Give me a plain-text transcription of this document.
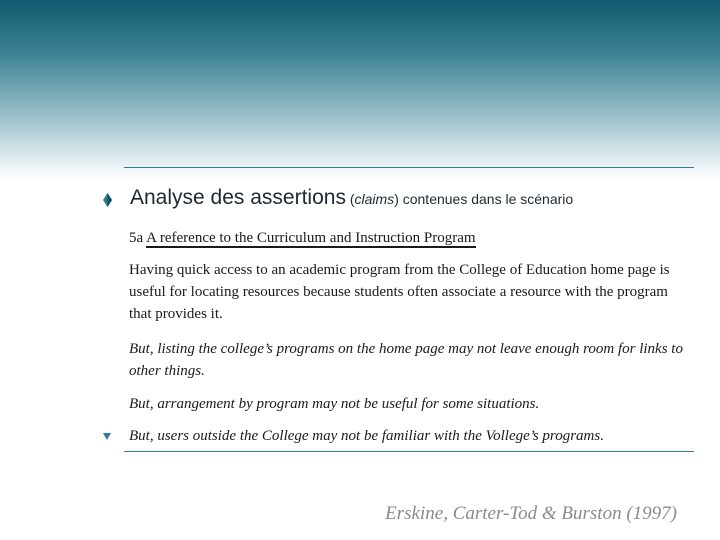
Analyse des assertions (claims) contenues dans le scénario
5a A reference to the Curriculum and Instruction Program
Having quick access to an academic program from the College of Education home page is useful for locating resources because students often associate a resource with the program that provides it.
But, listing the college’s programs on the home page may not leave enough room for links to other things.
But, arrangement by program may not be useful for some situations.
But, users outside the College may not be familiar with the Vollege’s programs.
Erskine, Carter-Tod & Burston (1997)
